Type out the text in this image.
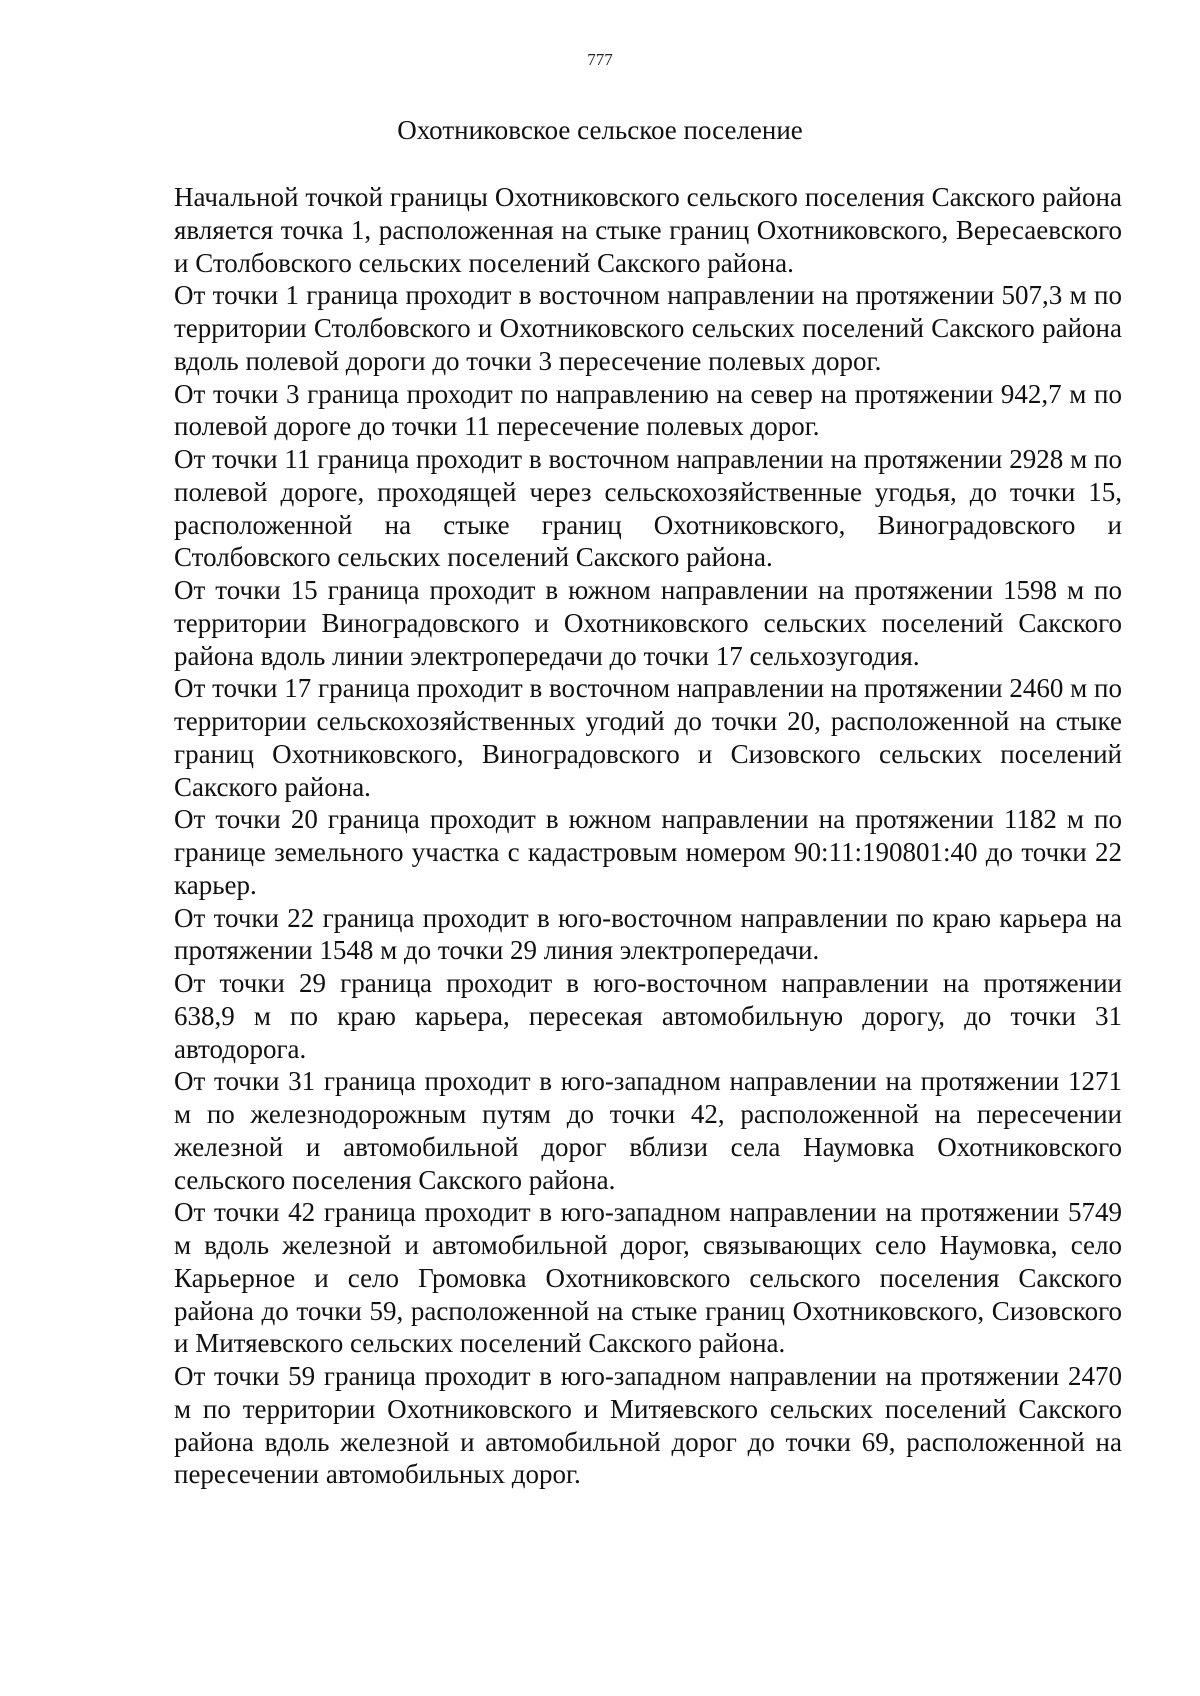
777
Охотниковское сельское поселение

Начальной точкой границы Охотниковского сельского поселения Сакского района является точка 1, расположенная на стыке границ Охотниковского, Вересаевского и Столбовского сельских поселений Сакского района.

От точки 1 граница проходит в восточном направлении на протяжении 507,3 м по территории Столбовского и Охотниковского сельских поселений Сакского района вдоль полевой дороги до точки 3 пересечение полевых дорог.

От точки 3 граница проходит по направлению на север на протяжении 942,7 м по полевой дороге до точки 11 пересечение полевых дорог.

От точки 11 граница проходит в восточном направлении на протяжении 2928 м по полевой дороге, проходящей через сельскохозяйственные угодья, до точки 15, расположенной на стыке границ Охотниковского, Виноградовского и Столбовского сельских поселений Сакского района.

От точки 15 граница проходит в южном направлении на протяжении 1598 м по территории Виноградовского и Охотниковского сельских поселений Сакского района вдоль линии электропередачи до точки 17 сельхозугодия.

От точки 17 граница проходит в восточном направлении на протяжении 2460 м по территории сельскохозяйственных угодий до точки 20, расположенной на стыке границ Охотниковского, Виноградовского и Сизовского сельских поселений Сакского района.

От точки 20 граница проходит в южном направлении на протяжении 1182 м по границе земельного участка с кадастровым номером 90:11:190801:40 до точки 22 карьер.

От точки 22 граница проходит в юго-восточном направлении по краю карьера на протяжении 1548 м до точки 29 линия электропередачи.

От точки 29 граница проходит в юго-восточном направлении на протяжении 638,9 м по краю карьера, пересекая автомобильную дорогу, до точки 31 автодорога.

От точки 31 граница проходит в юго-западном направлении на протяжении 1271 м по железнодорожным путям до точки 42, расположенной на пересечении железной и автомобильной дорог вблизи села Наумовка Охотниковского сельского поселения Сакского района.

От точки 42 граница проходит в юго-западном направлении на протяжении 5749 м вдоль железной и автомобильной дорог, связывающих село Наумовка, село Карьерное и село Громовка Охотниковского сельского поселения Сакского района до точки 59, расположенной на стыке границ Охотниковского, Сизовского и Митяевского сельских поселений Сакского района.

От точки 59 граница проходит в юго-западном направлении на протяжении 2470 м по территории Охотниковского и Митяевского сельских поселений Сакского района вдоль железной и автомобильной дорог до точки 69, расположенной на пересечении автомобильных дорог.
